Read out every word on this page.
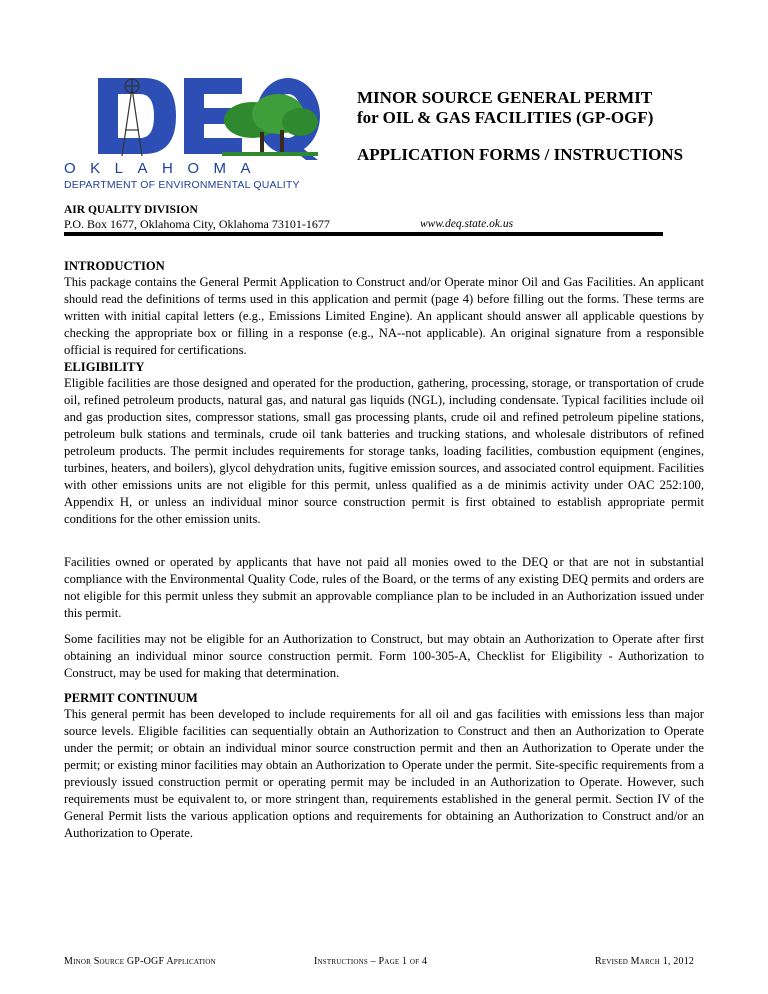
OKLAHOMA
DEPARTMENT OF ENVIRONMENTAL QUALITY
MINOR SOURCE GENERAL PERMIT
for OIL & GAS FACILITIES (GP-OGF)
APPLICATION FORMS / INSTRUCTIONS
AIR QUALITY DIVISION
P.O. Box 1677, Oklahoma City, Oklahoma 73101-1677	www.deq.state.ok.us
INTRODUCTION

This package contains the General Permit Application to Construct and/or Operate minor Oil and Gas Facilities. An applicant should read the definitions of terms used in this application and permit (page 4) before filling out the forms. These terms are written with initial capital letters (e.g., Emissions Limited Engine). An applicant should answer all applicable questions by checking the appropriate box or filling in a response (e.g., NA--not applicable). An original signature from a responsible official is required for certifications.

ELIGIBILITY

Eligible facilities are those designed and operated for the production, gathering, processing, storage, or transportation of crude oil, refined petroleum products, natural gas, and natural gas liquids (NGL), including condensate. Typical facilities include oil and gas production sites, compressor stations, small gas processing plants, crude oil and refined petroleum pipeline stations, petroleum bulk stations and terminals, crude oil tank batteries and trucking stations, and wholesale distributors of refined petroleum products. The permit includes requirements for storage tanks, loading facilities, combustion equipment (engines, turbines, heaters, and boilers), glycol dehydration units, fugitive emission sources, and associated control equipment. Facilities with other emissions units are not eligible for this permit, unless qualified as a de minimis activity under OAC 252:100, Appendix H, or unless an individual minor source construction permit is first obtained to establish appropriate permit conditions for the other emission units.

Facilities owned or operated by applicants that have not paid all monies owed to the DEQ or that are not in substantial compliance with the Environmental Quality Code, rules of the Board, or the terms of any existing DEQ permits and orders are not eligible for this permit unless they submit an approvable compliance plan to be included in an Authorization issued under this permit.

Some facilities may not be eligible for an Authorization to Construct, but may obtain an Authorization to Operate after first obtaining an individual minor source construction permit. Form 100-305-A, Checklist for Eligibility - Authorization to Construct, may be used for making that determination.

PERMIT CONTINUUM

This general permit has been developed to include requirements for all oil and gas facilities with emissions less than major source levels. Eligible facilities can sequentially obtain an Authorization to Construct and then an Authorization to Operate under the permit; or obtain an individual minor source construction permit and then an Authorization to Operate under the permit; or existing minor facilities may obtain an Authorization to Operate under the permit. Site-specific requirements from a previously issued construction permit or operating permit may be included in an Authorization to Operate. However, such requirements must be equivalent to, or more stringent than, requirements established in the general permit. Section IV of the General Permit lists the various application options and requirements for obtaining an Authorization to Construct and/or an Authorization to Operate.

Minor Source GP-OGF Application	Instructions – Page 1 of 4	Revised March 1, 2012
